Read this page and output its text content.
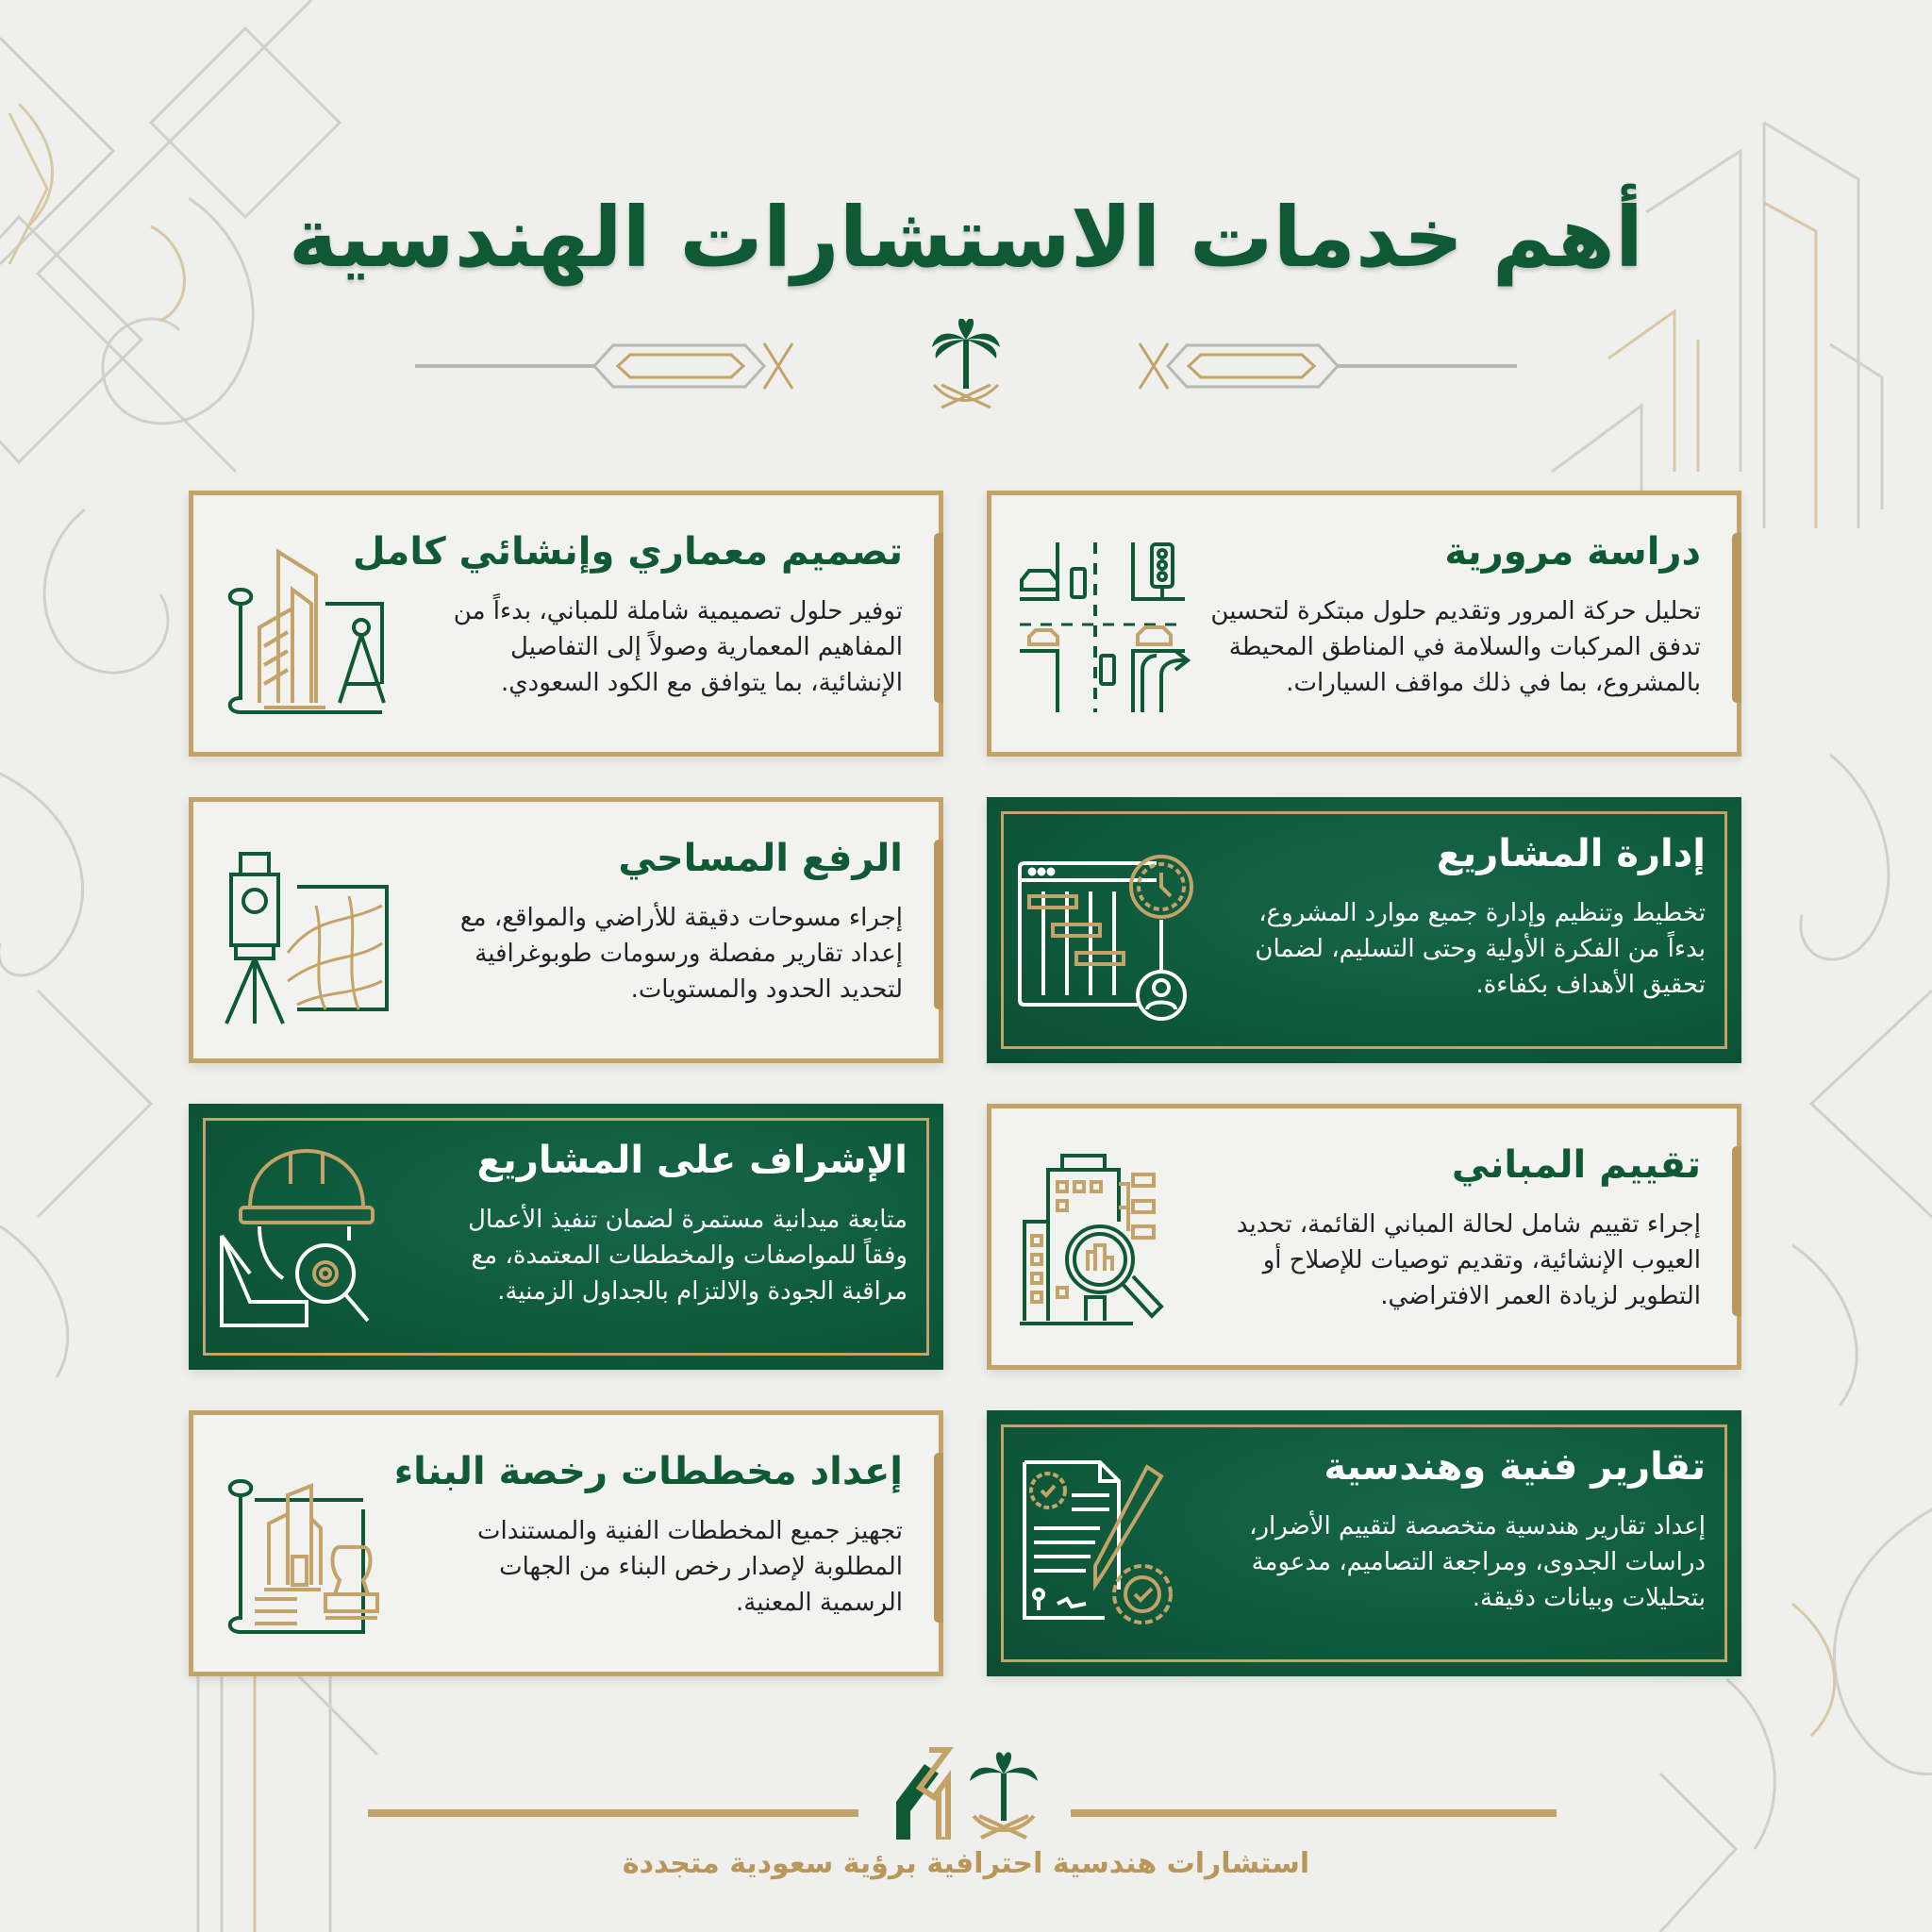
أهم خدمات الاستشارات الهندسية
دراسة مرورية
تحليل حركة المرور وتقديم حلول مبتكرة لتحسين تدفق المركبات والسلامة في المناطق المحيطة بالمشروع، بما في ذلك مواقف السيارات.
تصميم معماري وإنشائي كامل
توفير حلول تصميمية شاملة للمباني، بدءاً من المفاهيم المعمارية وصولاً إلى التفاصيل الإنشائية، بما يتوافق مع الكود السعودي.
إدارة المشاريع
تخطيط وتنظيم وإدارة جميع موارد المشروع، بدءاً من الفكرة الأولية وحتى التسليم، لضمان تحقيق الأهداف بكفاءة.
الرفع المساحي
إجراء مسوحات دقيقة للأراضي والمواقع، مع إعداد تقارير مفصلة ورسومات طوبوغرافية لتحديد الحدود والمستويات.
تقييم المباني
إجراء تقييم شامل لحالة المباني القائمة، تحديد العيوب الإنشائية، وتقديم توصيات للإصلاح أو التطوير لزيادة العمر الافتراضي.
الإشراف على المشاريع
متابعة ميدانية مستمرة لضمان تنفيذ الأعمال وفقاً للمواصفات والمخططات المعتمدة، مع مراقبة الجودة والالتزام بالجداول الزمنية.
تقارير فنية وهندسية
إعداد تقارير هندسية متخصصة لتقييم الأضرار، دراسات الجدوى، ومراجعة التصاميم، مدعومة بتحليلات وبيانات دقيقة.
إعداد مخططات رخصة البناء
تجهيز جميع المخططات الفنية والمستندات المطلوبة لإصدار رخص البناء من الجهات الرسمية المعنية.
استشارات هندسية احترافية برؤية سعودية متجددة
